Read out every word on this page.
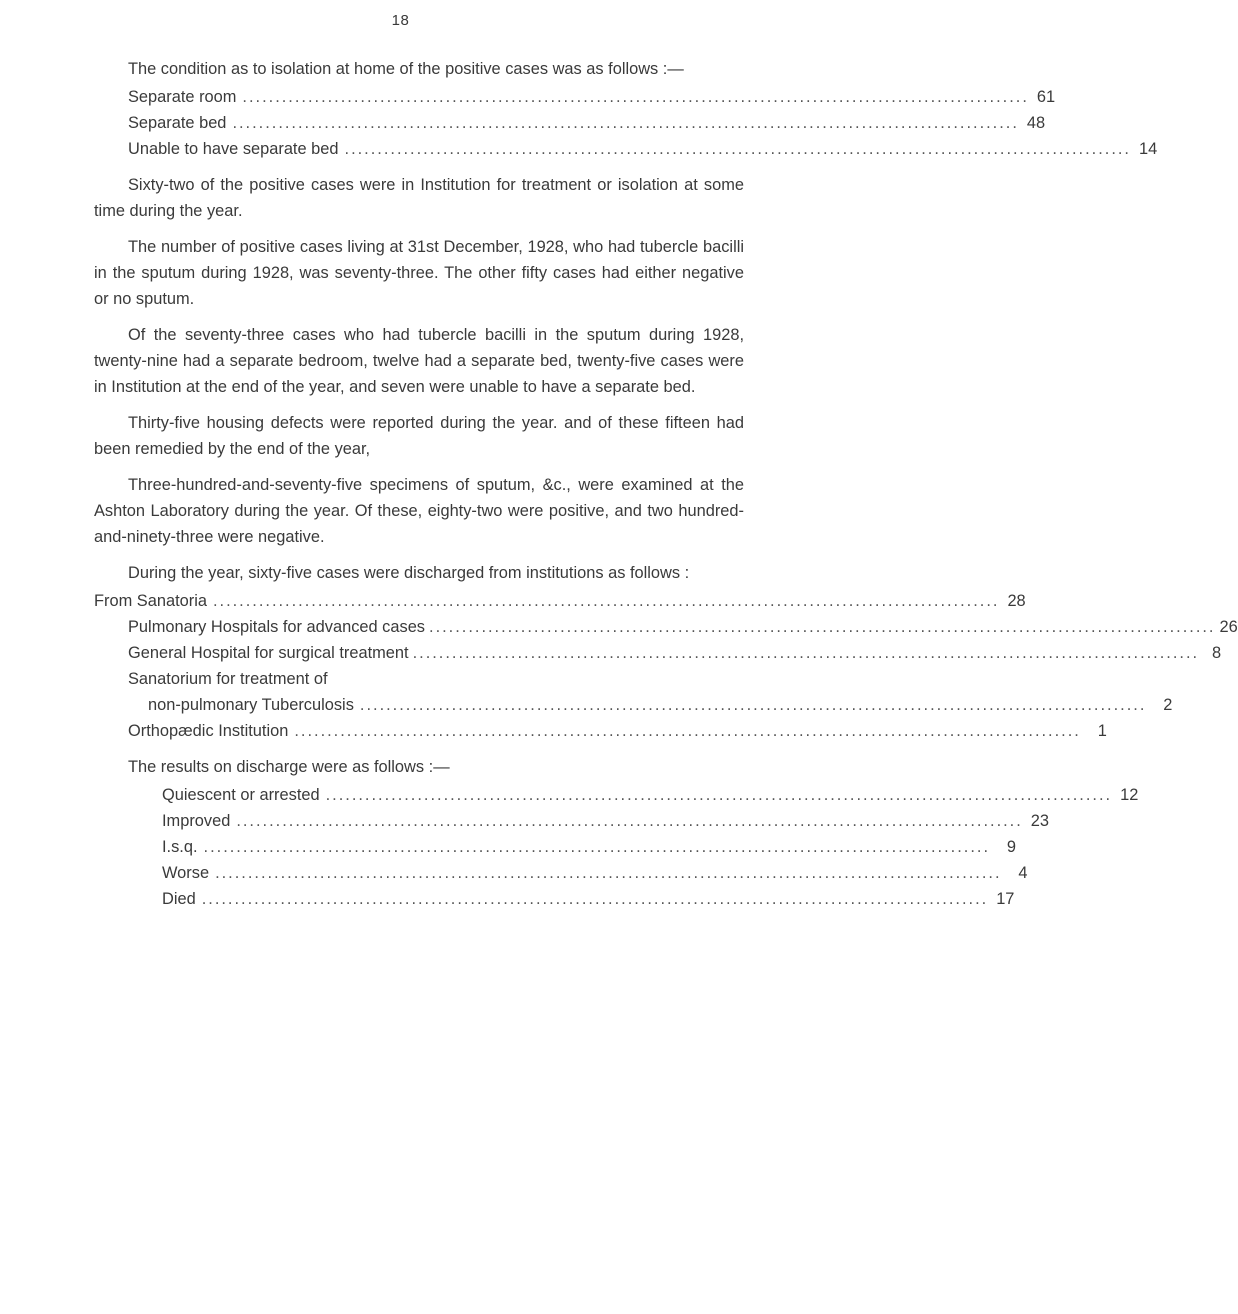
18

The condition as to isolation at home of the positive cases was as follows :—

Separate room ........................................................................................................................ 61
Separate bed ........................................................................................................................ 48
Unable to have separate bed ........................................................................................................................ 14

Sixty-two of the positive cases were in Institution for treatment or isolation at some time during the year.

The number of positive cases living at 31st December, 1928, who had tubercle bacilli in the sputum during 1928, was seventy-three. The other fifty cases had either negative or no sputum.

Of the seventy-three cases who had tubercle bacilli in the sputum during 1928, twenty-nine had a separate bedroom, twelve had a separate bed, twenty-five cases were in Institution at the end of the year, and seven were unable to have a separate bed.

Thirty-five housing defects were reported during the year. and of these fifteen had been remedied by the end of the year,

Three-hundred-and-seventy-five specimens of sputum, &c., were examined at the Ashton Laboratory during the year. Of these, eighty-two were positive, and two hundred-and-ninety-three were negative.

During the year, sixty-five cases were discharged from institutions as follows :

From Sanatoria ........................................................................................................................ 28
Pulmonary Hospitals for advanced cases ........................................................................................................................ 26
General Hospital for surgical treatment ........................................................................................................................ 8
Sanatorium for treatment of
non-pulmonary Tuberculosis ........................................................................................................................	2
Orthopædic Institution ........................................................................................................................	1

The results on discharge were as follows :—

Quiescent or arrested ........................................................................................................................ 12
Improved ........................................................................................................................ 23
I.s.q. ........................................................................................................................	9
Worse ........................................................................................................................	4
Died ........................................................................................................................ 17
